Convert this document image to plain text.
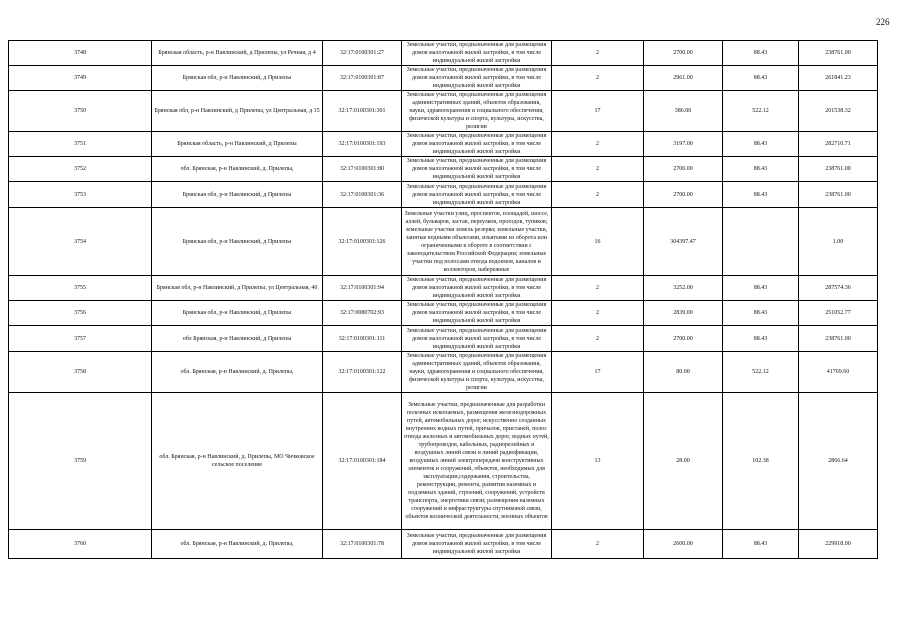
226
3748	Брянская область, р-н Навлинский, д Прилепы, ул Речная, д 4	32:17:0100301:27	Земельные участки, предназначенные для размещения домов малоэтажной жилой застройки, в том числе индивидуальной жилой застройки	2	2700.00	88.43	238761.00
3749	Брянская обл, р-н Навлинский, д Прилепы	32:17:0100301:87	Земельные участки, предназначенные для размещения домов малоэтажной жилой застройки, в том числе индивидуальной жилой застройки	2	2961.00	88.43	261841.23
3750	Брянская обл, р-н Навлинский, д Прилепы, ул Центральная, д 15	32:17:0100301:301	Земельные участки, предназначенные для размещения административных зданий, объектов образования, науки, здравоохранения и социального обеспечения, физической культуры и спорта, культуры, искусства, религии	17	386.00	522.12	201538.32
3751	Брянская область, р-н Навлинский, д Прилепы	32:17:0100301:193	Земельные участки, предназначенные для размещения домов малоэтажной жилой застройки, в том числе индивидуальной жилой застройки	2	3197.00	88.43	282710.71
3752	обл. Брянская, р-н Навлинский, д. Прилепы,	32:17:0100301:80	Земельные участки, предназначенные для размещения домов малоэтажной жилой застройки, в том числе индивидуальной жилой застройки	2	2700.00	88.43	238761.00
3753	Брянская обл, р-н Навлинский, д Прилепы	32:17:0100301:36	Земельные участки, предназначенные для размещения домов малоэтажной жилой застройки, в том числе индивидуальной жилой застройки	2	2700.00	88.43	238761.00
3754	Брянская обл, р-н Навлинский, д Прилепы	32:17:0100301:126	Земельные участки улиц, проспектов, площадей, шоссе, аллей, бульваров, застав, переулков, проездов, тупиков; земельные участки земель резерва; земельные участки, занятые водными объектами, изъятыми из оборота или ограниченными в обороте в соответствии с законодательством Российской Федерации; земельные участки под полосами отвода водоемов, каналов и коллекторов, набережные	16	304397.47		1.00
3755	Брянская обл, р-н Навлинский, д Прилепы, ул Центральная, 40	32:17:0100301:94	Земельные участки, предназначенные для размещения домов малоэтажной жилой застройки, в том числе индивидуальной жилой застройки	2	3252.00	88.43	287574.36
3756	Брянская обл, р-н Навлинский, д Прилепы	32:17:0080702:93	Земельные участки, предназначенные для размещения домов малоэтажной жилой застройки, в том числе индивидуальной жилой застройки	2	2839.00	88.43	251052.77
3757	обл Брянская, р-н Навлинский, д Прилепы	32:17:0100301:111	Земельные участки, предназначенные для размещения домов малоэтажной жилой застройки, в том числе индивидуальной жилой застройки	2	2700.00	88.43	238761.00
3758	обл. Брянская, р-н Навлинский, д. Прилепы,	32:17:0100301:122	Земельные участки, предназначенные для размещения административных зданий, объектов образования, науки, здравоохранения и социального обеспечения, физической культуры и спорта, культуры, искусства, религии	17	80.00	522.12	41769.60
3759	обл. Брянская, р-н Навлинский, д. Прилепы, МО Чичковское сельское поселение	32:17:0100301:184	Земельные участки, предназначенные для разработки полезных ископаемых, размещения железнодорожных путей, автомобильных дорог, искусственно созданных внутренних водных путей, причалов, пристаней, полос отвода железных и автомобильных дорог, водных путей, трубопроводов, кабельных, радиорелейных и воздушных линий связи и линий радиофикации, воздушных линий электропередачи конструктивных элементов и сооружений, объектов, необходимых для эксплуатации,содержания, строительства, реконструкции, ремонта, развития наземных и подземных зданий, строений, сооружений, устройств транспорта, энергетики связи; размещения наземных сооружений и инфраструктуры спутниковой связи, объектов космической деятельности, военных объектов	13	28.00	102.38	2866.64
3760	обл. Брянская, р-н Навлинский, д. Прилепы,	32:17:0100301:78	Земельные участки, предназначенные для размещения домов малоэтажной жилой застройки, в том числе индивидуальной жилой застройки	2	2600.00	88.43	229918.00
